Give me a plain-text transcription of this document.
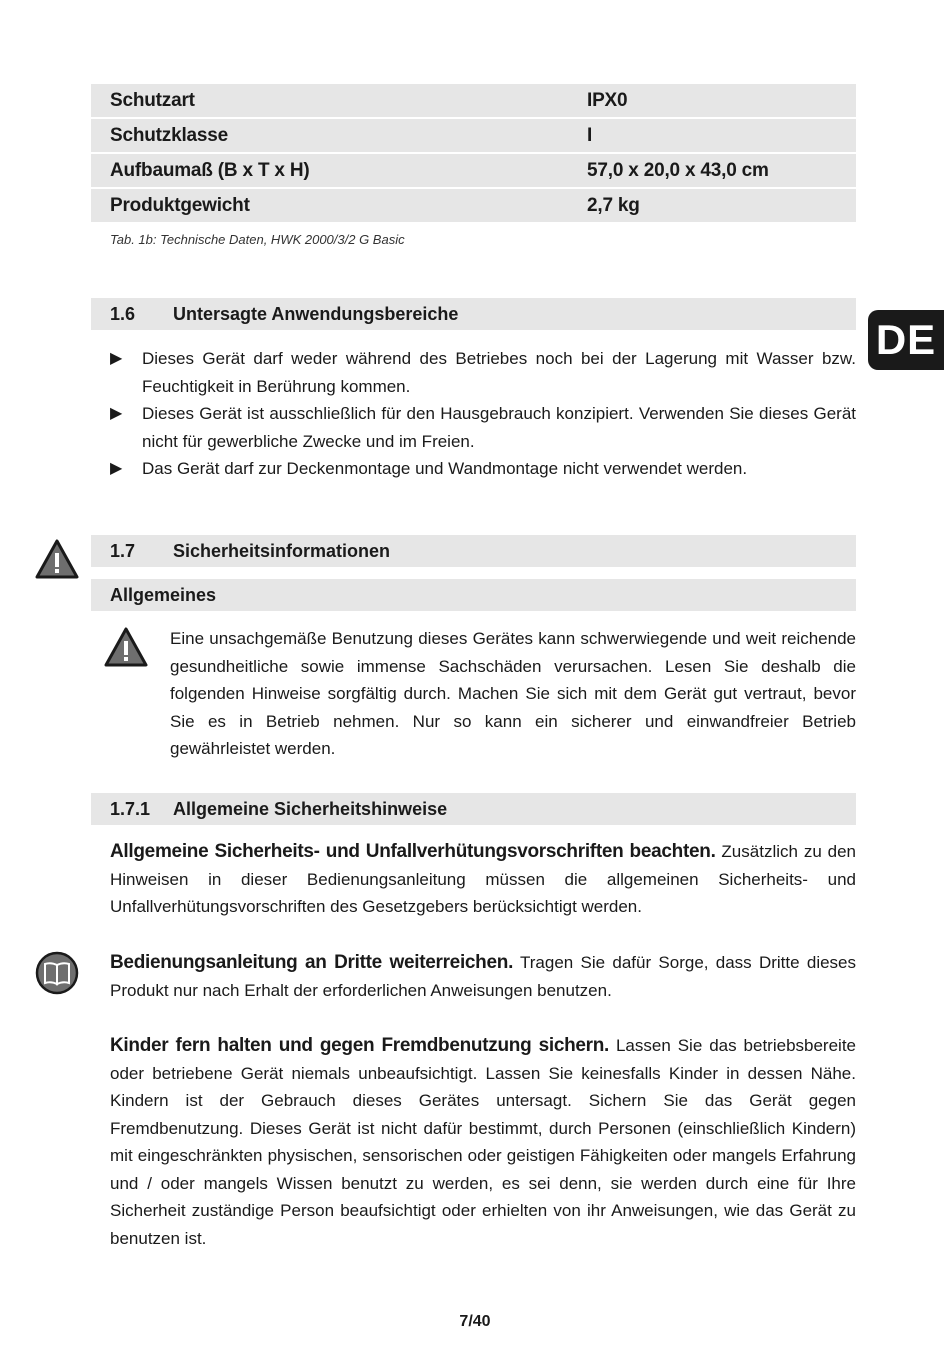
Schutzart	IPX0
Schutzklasse	I
Aufbaumaß (B x T x H)	57,0 x 20,0 x 43,0 cm
Produktgewicht	2,7 kg
Tab. 1b: Technische Daten, HWK 2000/3/2 G Basic
DE
1.6	Untersagte Anwendungsbereiche
▶	Dieses Gerät darf weder während des Betriebes noch bei der Lagerung mit Wasser bzw. Feuchtigkeit in Berührung kommen.
▶	Dieses Gerät ist ausschließlich für den Hausgebrauch konzipiert. Verwenden Sie dieses Gerät nicht für gewerbliche Zwecke und im Freien.
▶	Das Gerät darf zur Deckenmontage und Wandmontage nicht verwendet werden.
1.7	Sicherheitsinformationen
Allgemeines
Eine unsachgemäße Benutzung dieses Gerätes kann schwerwiegende und weit reichende gesundheitliche sowie immense Sachschäden verursachen. Lesen Sie deshalb die folgenden Hinweise sorgfältig durch. Machen Sie sich mit dem Gerät gut vertraut, bevor Sie es in Betrieb nehmen. Nur so kann ein sicherer und einwandfreier Betrieb gewährleistet werden.
1.7.1	Allgemeine Sicherheitshinweise
Allgemeine Sicherheits- und Unfallverhütungsvorschriften beachten. Zusätzlich zu den Hinweisen in dieser Bedienungsanleitung müssen die allgemeinen Sicherheits- und Unfallverhütungsvorschriften des Gesetzgebers berücksichtigt werden.
Bedienungsanleitung an Dritte weiterreichen. Tragen Sie dafür Sorge, dass Dritte dieses Produkt nur nach Erhalt der erforderlichen Anweisungen benutzen.
Kinder fern halten und gegen Fremdbenutzung sichern. Lassen Sie das betriebsbereite oder betriebene Gerät niemals unbeaufsichtigt. Lassen Sie keinesfalls Kinder in dessen Nähe. Kindern ist der Gebrauch dieses Gerätes untersagt. Sichern Sie das Gerät gegen Fremdbenutzung. Dieses Gerät ist nicht dafür bestimmt, durch Personen (einschließlich Kindern) mit eingeschränkten physischen, sensorischen oder geistigen Fähigkeiten oder mangels Erfahrung und / oder mangels Wissen benutzt zu werden, es sei denn, sie werden durch eine für Ihre Sicherheit zuständige Person beaufsichtigt oder erhielten von ihr Anweisungen, wie das Gerät zu benutzen ist.
7/40
